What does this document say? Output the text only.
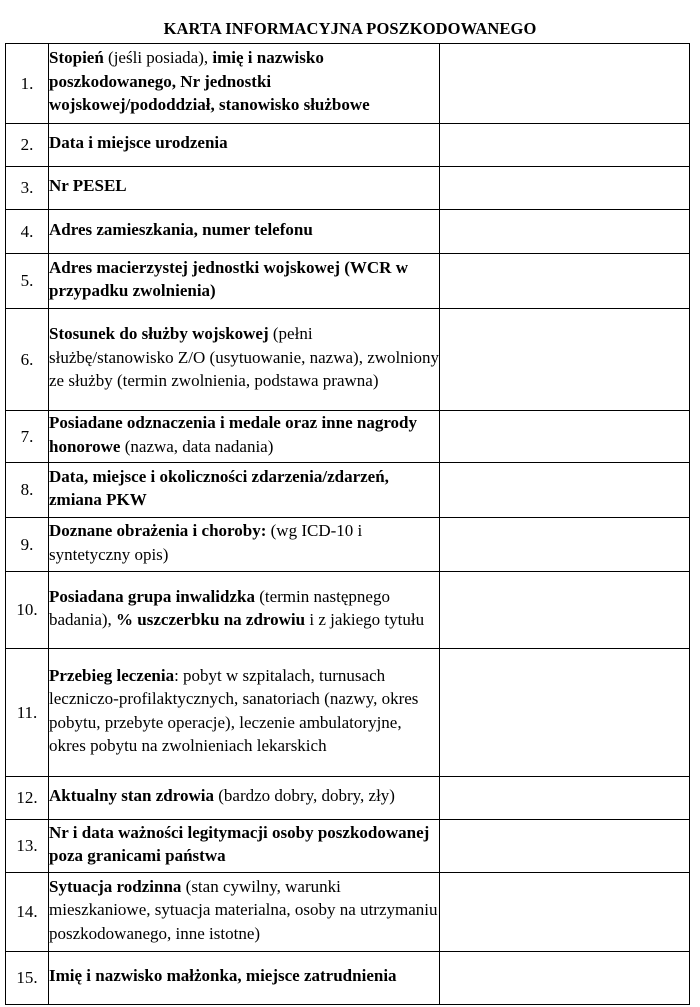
KARTA INFORMACYJNA POSZKODOWANEGO
1.	Stopień (jeśli posiada), imię i nazwisko poszkodowanego, Nr jednostki wojskowej/pododdział, stanowisko służbowe	

2.	Data i miejsce urodzenia	

3.	Nr PESEL	

4.	Adres zamieszkania, numer telefonu	

5.	Adres macierzystej jednostki wojskowej (WCR w przypadku zwolnienia)	

6.	Stosunek do służby wojskowej (pełni służbę/stanowisko Z/O (usytuowanie, nazwa), zwolniony ze służby (termin zwolnienia, podstawa prawna)	

7.	Posiadane odznaczenia i medale oraz inne nagrody honorowe (nazwa, data nadania)	

8.	Data, miejsce i okoliczności zdarzenia/zdarzeń, zmiana PKW	

9.	Doznane obrażenia i choroby: (wg ICD-10 i syntetyczny opis)	

10.	Posiadana grupa inwalidzka (termin następnego badania), % uszczerbku na zdrowiu i z jakiego tytułu	

11.	Przebieg leczenia: pobyt w szpitalach, turnusach leczniczo-profilaktycznych, sanatoriach (nazwy, okres pobytu, przebyte operacje), leczenie ambulatoryjne, okres pobytu na zwolnieniach lekarskich	

12.	Aktualny stan zdrowia (bardzo dobry, dobry, zły)	

13.	Nr i data ważności legitymacji osoby poszkodowanej poza granicami państwa	

14.	Sytuacja rodzinna (stan cywilny, warunki mieszkaniowe, sytuacja materialna, osoby na utrzymaniu poszkodowanego, inne istotne)	

15.	Imię i nazwisko małżonka, miejsce zatrudnienia	
